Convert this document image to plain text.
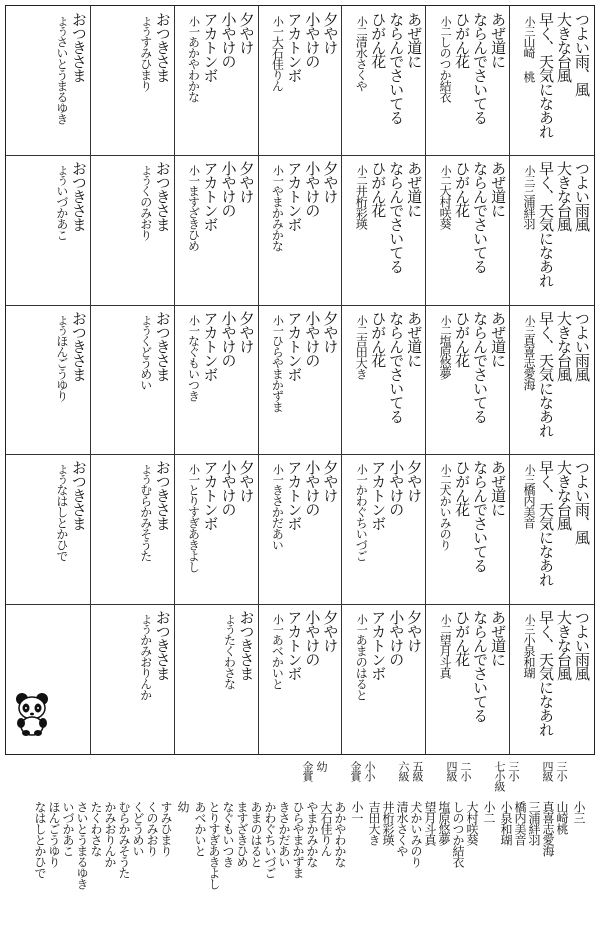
つよい雨、風
大きな台風
早く、天気になあれ
小三山崎 桃
つよい雨風
大きな台風
早く、天気になあれ
小三三浦絆羽
つよい雨風
大きな台風
早く、天気になあれ
小三真喜志愛海
つよい雨、風
大きな台風
早く、天気になあれ
小三橋内美音
つよい雨風
大きな台風
早く、天気になあれ
小三小泉和瑚
あぜ道に
ならんでさいてる
ひがん花
小二しのつか結衣
あぜ道に
ならんでさいてる
ひがん花
小二大村咲葵
あぜ道に
ならんでさいてる
ひがん花
小二塩原悠夢
あぜ道に
ならんでさいてる
ひがん花
小二犬かいみのり
あぜ道に
ならんでさいてる
ひがん花
小二望月斗真
あぜ道に
ならんでさいてる
ひがん花
小二清水さくや
あぜ道に
ならんでさいてる
ひがん花
小二井桁彩瑛
あぜ道に
ならんでさいてる
ひがん花
小二吉田大き
夕やけ
小やけの
アカトンボ
小一かわぐちいづご
夕やけ
小やけの
アカトンボ
小一あまのはると
夕やけ
小やけの
アカトンボ
小一大石佳りん
夕やけ
小やけの
アカトンボ
小一やまかみかな
夕やけ
小やけの
アカトンボ
小一ひらやまかずま
夕やけ
小やけの
アカトンボ
小一きさかだあい
夕やけ
小やけの
アカトンボ
小一あべかいと
夕やけ
小やけの
アカトンボ
小一あかやわかな
夕やけ
小やけの
アカトンボ
小一ますざきひめ
夕やけ
小やけの
アカトンボ
小一なぐもいつき
夕やけ
小やけの
アカトンボ
小一とりすぎあきよし
おつきさま
ようたくわさな
おつきさま
ようすみひまり
おつきさま
ようくのみおり
おつきさま
ようくどうめい
おつきさま
ようむらかみそうた
おつきさま
ようかみおりんか
おつきさま
ようさいとうまるゆき
おつきさま
よういづかあこ
おつきさま
ようほんごうゆり
おつきさま
ようなはしとかひで
四級 三小
七小級 三小
四級 二小
六級 五級
金賞 小小
金賞 幼
小三
山崎桃
真喜志愛海
三浦絆羽
橋内美音
小泉和瑚
小二
大村咲葵
しのつか結衣
塩原悠夢
望月斗真
犬かいみのり
清水さくや
井桁彩瑛
吉田大き
小一
あかやわかな
大石佳りん
やまかみかな
ひらやまかずま
きさかだあい
かわぐちいづご
あまのはると
ますざきひめ
なぐもいつき
とりすぎあきよし
あべかいと
幼
すみひまり
くのみおり
くどうめい
むらかみそうた
かみおりんか
たくわさな
さいとうまるゆき
いづかあこ
ほんごうゆり
なはしとかひで
